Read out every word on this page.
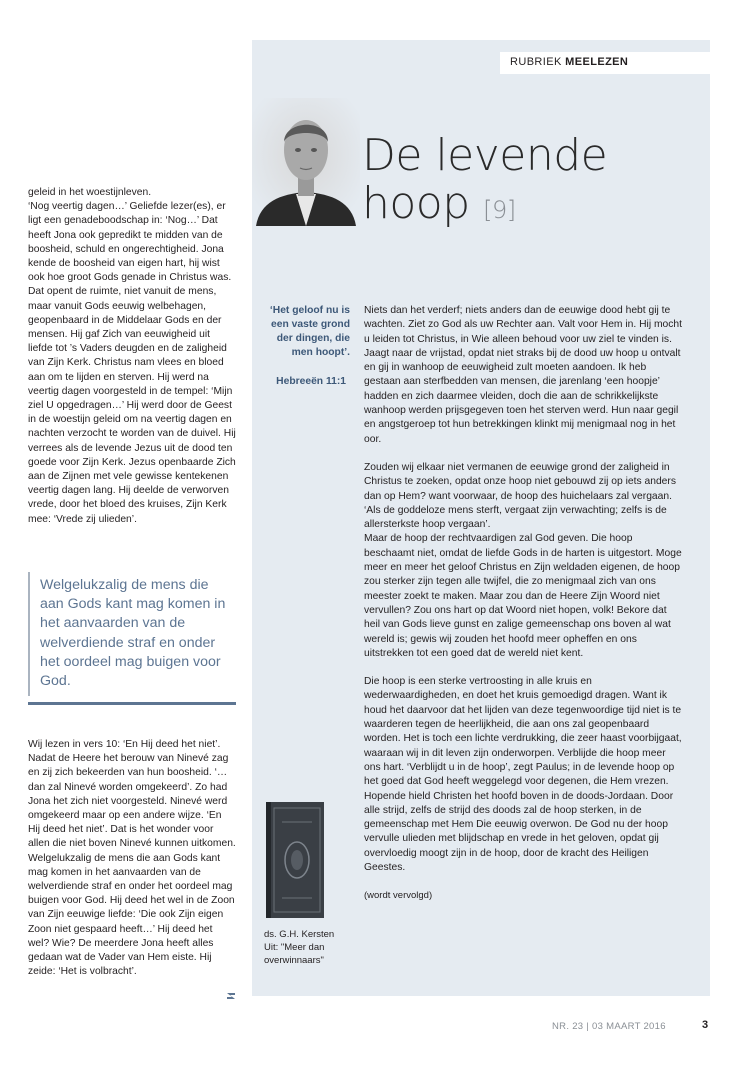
RUBRIEK MEELEZEN
De levende
hoop [9]

geleid in het woestijnleven.

‘Nog veertig dagen…’ Geliefde lezer(es), er ligt een genadeboodschap in: ‘Nog…’ Dat heeft Jona ook gepredikt te midden van de boosheid, schuld en ongerechtigheid. Jona kende de boosheid van eigen hart, hij wist ook hoe groot Gods genade in Christus was. Dat opent de ruimte, niet vanuit de mens, maar vanuit Gods eeuwig welbehagen, geopenbaard in de Middelaar Gods en der mensen. Hij gaf Zich van eeuwigheid uit liefde tot ’s Vaders deugden en de zaligheid van Zijn Kerk. Christus nam vlees en bloed aan om te lijden en sterven. Hij werd na veertig dagen voorgesteld in de tempel: ‘Mijn ziel U opgedragen…’ Hij werd door de Geest in de woestijn geleid om na veertig dagen en nachten verzocht te worden van de duivel. Hij verrees als de levende Jezus uit de dood ten goede voor Zijn Kerk. Jezus openbaarde Zich aan de Zijnen met vele gewisse kentekenen veertig dagen lang. Hij deelde de verworven vrede, door het bloed des kruises, Zijn Kerk mee: ‘Vrede zij ulieden’.

Welgelukzalig de mens die aan Gods kant mag komen in het aanvaarden van de welverdiende straf en onder het oordeel mag buigen voor God.

Wij lezen in vers 10: ‘En Hij deed het niet’. Nadat de Heere het berouw van Ninevé zag en zij zich bekeerden van hun boosheid. ‘…dan zal Ninevé worden omgekeerd’. Zo had Jona het zich niet voorgesteld. Ninevé werd omgekeerd maar op een andere wijze. ‘En Hij deed het niet’. Dat is het wonder voor allen die niet boven Ninevé kunnen uitkomen. Welgelukzalig de mens die aan Gods kant mag komen in het aanvaarden van de welverdiende straf en onder het oordeel mag buigen voor God. Hij deed het wel in de Zoon van Zijn eeuwige liefde: ‘Die ook Zijn eigen Zoon niet gespaard heeft…’ Hij deed het wel? Wie? De meerdere Jona heeft alles gedaan wat de Vader van Hem eiste. Hij zeide: ‘Het is volbracht’.

‘Het geloof nu is een vaste grond der dingen, die men hoopt’.
Hebreeën 11:1

Niets dan het verderf; niets anders dan de eeuwige dood hebt gij te wachten. Ziet zo God als uw Rechter aan. Valt voor Hem in. Hij mocht u leiden tot Christus, in Wie alleen behoud voor uw ziel te vinden is. Jaagt naar de vrijstad, opdat niet straks bij de dood uw hoop u ontvalt en gij in wanhoop de eeuwigheid zult moeten aandoen. Ik heb gestaan aan sterfbedden van mensen, die jarenlang ‘een hoopje’ hadden en zich daarmee vleiden, doch die aan de schrikkelijkste wanhoop werden prijsgegeven toen het sterven werd. Hun naar gegil en angstgeroep tot hun betrekkingen klinkt mij menigmaal nog in het oor.

Zouden wij elkaar niet vermanen de eeuwige grond der zaligheid in Christus te zoeken, opdat onze hoop niet gebouwd zij op iets anders dan op Hem? want voorwaar, de hoop des huichelaars zal vergaan. ‘Als de goddeloze mens sterft, vergaat zijn verwachting; zelfs is de allersterkste hoop vergaan’.

Maar de hoop der rechtvaardigen zal God geven. Die hoop beschaamt niet, omdat de liefde Gods in de harten is uitgestort. Moge meer en meer het geloof Christus en Zijn weldaden eigenen, de hoop zou sterker zijn tegen alle twijfel, die zo menigmaal zich van ons meester zoekt te maken. Maar zou dan de Heere Zijn Woord niet vervullen? Zou ons hart op dat Woord niet hopen, volk! Bekore dat heil van Gods lieve gunst en zalige gemeenschap ons boven al wat wereld is; gewis wij zouden het hoofd meer opheffen en ons uitstrekken tot een goed dat de wereld niet kent.

Die hoop is een sterke vertroosting in alle kruis en wederwaardigheden, en doet het kruis gemoedigd dragen. Want ik houd het daarvoor dat het lijden van deze tegenwoordige tijd niet is te waarderen tegen de heerlijkheid, die aan ons zal geopenbaard worden. Het is toch een lichte verdrukking, die zeer haast voorbijgaat, waaraan wij in dit leven zijn onderworpen. Verblijde die hoop meer ons hart. ‘Verblijdt u in de hoop’, zegt Paulus; in de levende hoop op het goed dat God heeft weggelegd voor degenen, die Hem vrezen. Hopende hield Christen het hoofd boven in de doods-Jordaan. Door alle strijd, zelfs de strijd des doods zal de hoop sterken, in de gemeenschap met Hem Die eeuwig overwon. De God nu der hoop vervulle ulieden met blijdschap en vrede in het geloven, opdat gij overvloedig moogt zijn in de hoop, door de kracht des Heiligen Geestes.

(wordt vervolgd)

ds. G.H. Kersten
Uit: "Meer dan
overwinnaars"
NR. 23 | 03 MAART 2016	3
